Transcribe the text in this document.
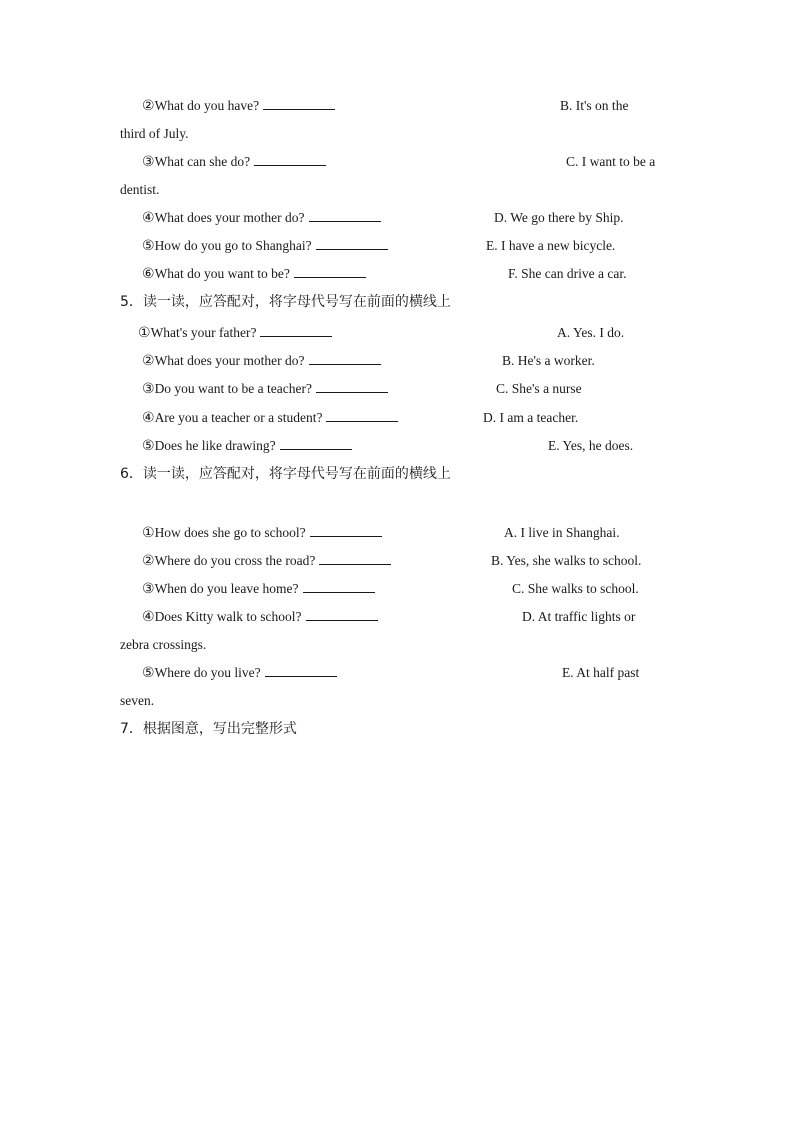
②What do you have?	B. It's on the
third of July.
③What can she do?	C. I want to be a
dentist.
④What does your mother do?	D. We go there by Ship.
⑤How do you go to Shanghai?	E. I have a new bicycle.
⑥What do you want to be?	F. She can drive a car.
5．读一读，应答配对，将字母代号写在前面的横线上
①What's your father?	A. Yes. I do.
②What does your mother do?	B. He's a worker.
③Do you want to be a teacher?	C. She's a nurse
④Are you a teacher or a student?	D. I am a teacher.
⑤Does he like drawing?	E. Yes, he does.
6．读一读，应答配对，将字母代号写在前面的横线上
①How does she go to school?	A. I live in Shanghai.
②Where do you cross the road?	B. Yes, she walks to school.
③When do you leave home?	C. She walks to school.
④Does Kitty walk to school?	D. At traffic lights or
zebra crossings.
⑤Where do you live?	E. At half past
seven.
7．根据图意，写出完整形式
